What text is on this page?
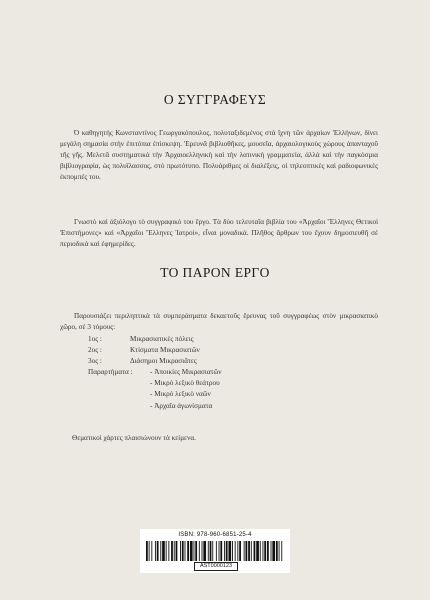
Ο ΣΥΓΓΡΑΦΕΥΣ

Ό καθηγητής Κωνσταντίνος Γεωργακόπουλος, πολυταξιδεμένος στὰ ἴχνη τῶν ἀρχαίων Ἑλλήνων, δίνει μεγάλη σημασία στὴν ἐπιτόπια ἐπίσκεψη. Ἐρευνᾶ βιβλιοθῆκες, μουσεῖα, ἀρχαιολογικοὺς χώρους ἁπανταχοῦ τῆς γῆς. Μελετᾶ συστηματικὰ τὴν Ἀρχαιοελληνικὴ καὶ τὴν λατινικὴ γραμματεία, ἀλλὰ καὶ τὴν παγκόσμια βιβλιογραφία, ὡς πολυΐλασσος, στὸ πρωτότυπο. Πολυάριθμες οἱ διαλέξεις, οἱ τηλεοπτικὲς καὶ ραδιοφωνικὲς ἐκπομπές του.

Γνωστὸ καὶ ἀξιόλογο τὸ συγγραφικό του ἔργο. Τὰ δύο τελευταῖα βιβλία του «Ἀρχαῖοι Ἕλληνες Θετικοὶ Ἐπιστήμονες» καὶ «Ἀρχαῖοι Ἕλληνες Ἰατροί», εἶναι μοναδικά. Πλῆθος ἄρθρων του ἔχουν δημοσιευθῆ σὲ περιοδικὰ καὶ ἐφημερίδες.

ΤΟ ΠΑΡΟΝ ΕΡΓΟ

Παρουσιάζει περιληπτικὰ τὰ συμπεράσματα δεκαετοῦς ἔρευνας τοῦ συγγραφέως στὸν μικρασιατικὸ χῶρο, σὲ 3 τόμους:

1ος :	Μικρασιατικὲς πόλεις
2ος :	Κτίσματα Μικρασιατῶν
3ος :	Διάσημοι Μικρασιᾶτες
Παραρτήματα :	- Ἀποικίες Μικρασιατῶν
- Μικρὸ λεξικὸ θεάτρου
- Μικρὸ λεξικὸ ναῶν
- Ἀρχαῖα ἀγωνίσματα
Θεματικοὶ χάρτες πλαισιώνουν τὰ κείμενα.
ISBN: 978-960-6851-25-4
AST0000123
